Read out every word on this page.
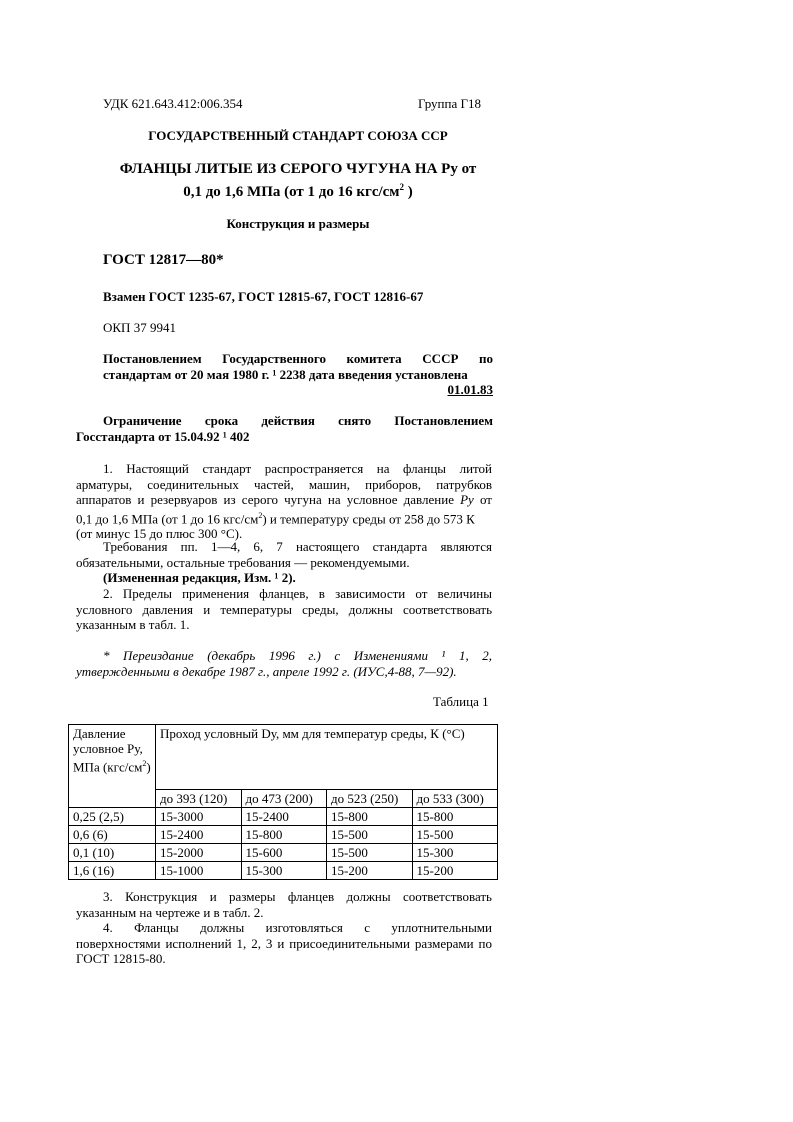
УДК 621.643.412:006.354	Группа Г18
ГОСУДАРСТВЕННЫЙ СТАНДАРТ СОЮЗА ССР
ФЛАНЦЫ ЛИТЫЕ ИЗ СЕРОГО ЧУГУНА НА Ру от
0,1 до 1,6 МПа (от 1 до 16 кгс/$см^2$ )
Конструкция и размеры
ГОСТ 12817—80*
Взамен ГОСТ 1235-67, ГОСТ 12815-67, ГОСТ 12816-67
ОКП 37 9941
Постановлением Государственного комитета СССР по
стандартам от 20 мая 1980 г. ¹ 2238 дата введения установлена
01.01.83
Ограничение срока действия снято Постановлением
Госстандарта от 15.04.92 ¹ 402
1. Настоящий стандарт распространяется на фланцы литой
арматуры, соединительных частей, машин, приборов, патрубков
аппаратов и резервуаров из серого чугуна на условное давление Ру от
0,1 до 1,6 МПа (от 1 до 16 кгс/$см^2$) и температуру среды от 258 до 573 К
(от минус 15 до плюс 300 °С).
Требования пп. 1—4, 6, 7 настоящего стандарта являются
обязательными, остальные требования — рекомендуемыми.
(Измененная редакция, Изм. ¹ 2).
2. Пределы применения фланцев, в зависимости от величины
условного давления и температуры среды, должны соответствовать
указанным в табл. 1.
* Переиздание (декабрь 1996 г.) с Изменениями ¹ 1, 2,
утвержденными в декабре 1987 г., апреле 1992 г. (ИУС,4-88, 7—92).
Таблица 1
Давление условное Ру, МПа $(кгс/см^2)$	Проход условный Dу, мм для температур среды, К (°С)			
	до 393 (120)	до 473 (200)	до 523 (250)	до 533 (300)
0,25 (2,5)	15-3000	15-2400	15-800	15-800
0,6 (6)	15-2400	15-800	15-500	15-500
0,1 (10)	15-2000	15-600	15-500	15-300
1,6 (16)	15-1000	15-300	15-200	15-200
3. Конструкция и размеры фланцев должны соответствовать
указанным на чертеже и в табл. 2.
4. Фланцы должны изготовляться с уплотнительными
поверхностями исполнений 1, 2, 3 и присоединительными размерами по
ГОСТ 12815-80.
